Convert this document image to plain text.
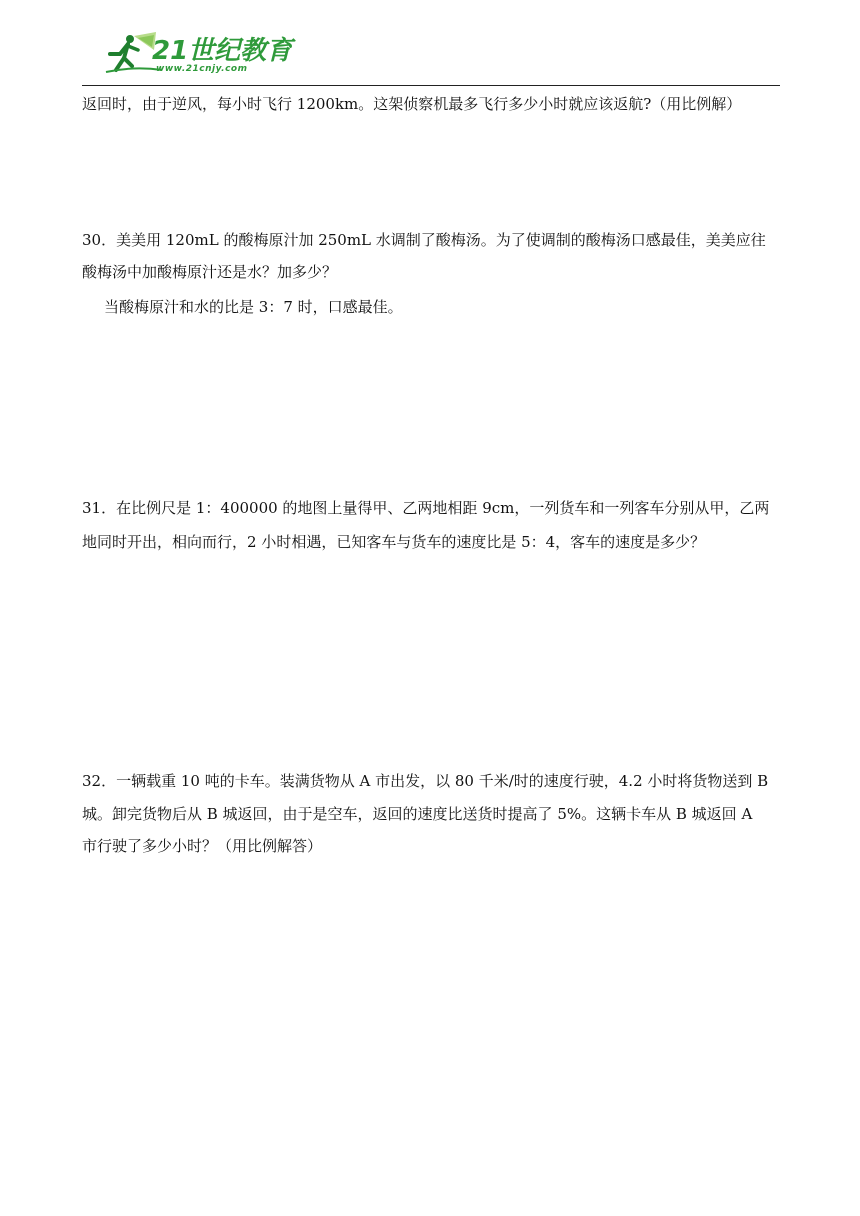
21世纪教育
www.21cnjy.com
返回时，由于逆风，每小时飞行 1200km。这架侦察机最多飞行多少小时就应该返航?（用比例解）
30．美美用 120mL 的酸梅原汁加 250mL 水调制了酸梅汤。为了使调制的酸梅汤口感最佳，美美应往
酸梅汤中加酸梅原汁还是水？加多少？
当酸梅原汁和水的比是 3：7 时，口感最佳。
31．在比例尺是 1：400000 的地图上量得甲、乙两地相距 9cm，一列货车和一列客车分别从甲，乙两
地同时开出，相向而行，2 小时相遇，已知客车与货车的速度比是 5：4，客车的速度是多少？
32．一辆载重 10 吨的卡车。装满货物从 A 市出发，以 80 千米/时的速度行驶，4.2 小时将货物送到 B
城。卸完货物后从 B 城返回，由于是空车，返回的速度比送货时提高了 5%。这辆卡车从 B 城返回 A
市行驶了多少小时？（用比例解答）
